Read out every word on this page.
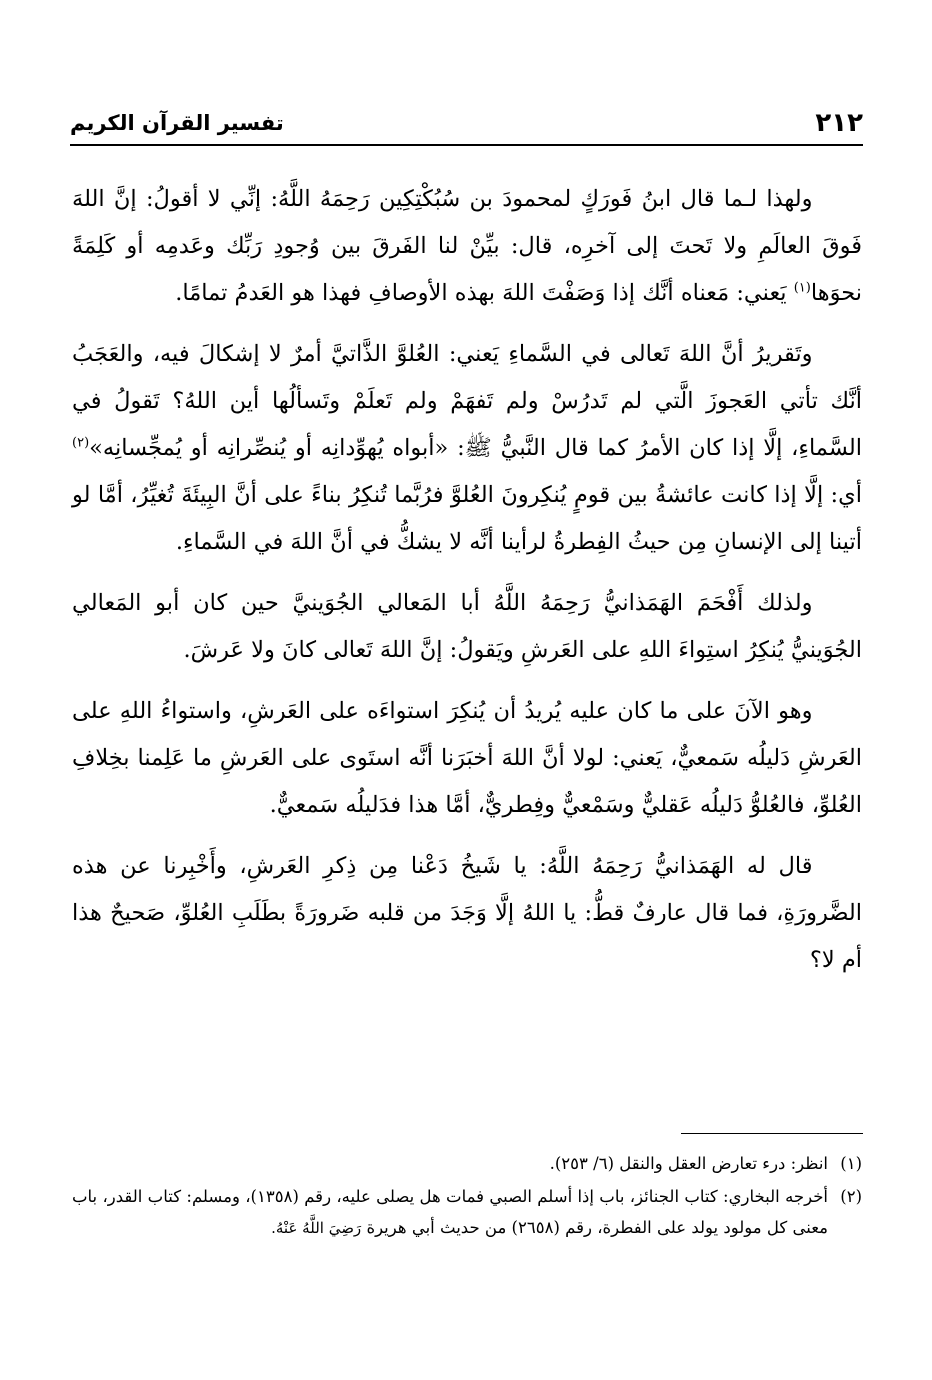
٢١٢
تفسير القرآن الكريم

ولهذا لـما قال ابنُ فَورَكٍ لمحمودَ بن سُبُكْتِكِين رَحِمَهُ اللَّهُ: إنِّي لا أقولُ: إنَّ اللهَ فَوقَ العالَمِ ولا تَحتَ إلى آخرِه، قال: بيِّنْ لنا الفَرقَ بين وُجودِ رَبِّك وعَدمِه أو كَلِمَةً نحوَها$^{(١)}$ يَعني: مَعناه أنَّك إذا وَصَفْتَ اللهَ بهذه الأوصافِ فهذا هو العَدمُ تمامًا.

وتَقريرُ أنَّ اللهَ تَعالى في السَّماءِ يَعني: العُلوَّ الذَّاتيَّ أمرٌ لا إشكالَ فيه، والعَجَبُ أنَّك تأتي العَجوزَ الَّتي لم تَدرُسْ ولم تَفهَمْ ولم تَعلَمْ وتَسألُها أين اللهُ؟ تَقولُ في السَّماءِ، إلَّا إذا كان الأمرُ كما قال النَّبيُّ ﷺ: «أبواه يُهوِّدانِه أو يُنصِّرانِه أو يُمجِّسانِه»$^{(٢)}$ أي: إلَّا إذا كانت عائشةُ بين قومٍ يُنكِرونَ العُلوَّ فرُبَّما تُنكِرُ بناءً على أنَّ البِيئَةَ تُغيِّرُ، أمَّا لو أتينا إلى الإنسانِ مِن حيثُ الفِطرةُ لرأينا أنَّه لا يشكُّ في أنَّ اللهَ في السَّماءِ.

ولذلك أَفْحَمَ الهَمَذانيُّ رَحِمَهُ اللَّهُ أبا المَعالي الجُوَينيَّ حين كان أبو المَعالي الجُوَينيُّ يُنكِرُ استِواءَ اللهِ على العَرشِ ويَقولُ: إنَّ اللهَ تَعالى كانَ ولا عَرشَ.

وهو الآنَ على ما كان عليه يُريدُ أن يُنكِرَ استواءَه على العَرشِ، واستواءُ اللهِ على العَرشِ دَليلُه سَمعيٌّ، يَعني: لولا أنَّ اللهَ أخبَرَنا أنَّه استَوى على العَرشِ ما عَلِمنا بخِلافِ العُلوِّ، فالعُلوُّ دَليلُه عَقليٌّ وسَمْعيٌّ وفِطريٌّ، أمَّا هذا فدَليلُه سَمعيٌّ.

قال له الهَمَذانيُّ رَحِمَهُ اللَّهُ: يا شَيخُ دَعْنا مِن ذِكرِ العَرشِ، وأَخْبِرنا عن هذه الضَّرورَةِ، فما قال عارفٌ قطُّ: يا اللهُ إلَّا وَجَدَ من قلبه ضَرورَةً بطَلَبِ العُلوِّ، صَحيحٌ هذا أم لا؟

(١)انظر: درء تعارض العقل والنقل (٦/ ٢٥٣).
(٢)أخرجه البخاري: كتاب الجنائز، باب إذا أسلم الصبي فمات هل يصلى عليه، رقم (١٣٥٨)، ومسلم: كتاب القدر، باب معنى كل مولود يولد على الفطرة، رقم (٢٦٥٨) من حديث أبي هريرة رَضِيَ اللَّهُ عَنْهُ.
